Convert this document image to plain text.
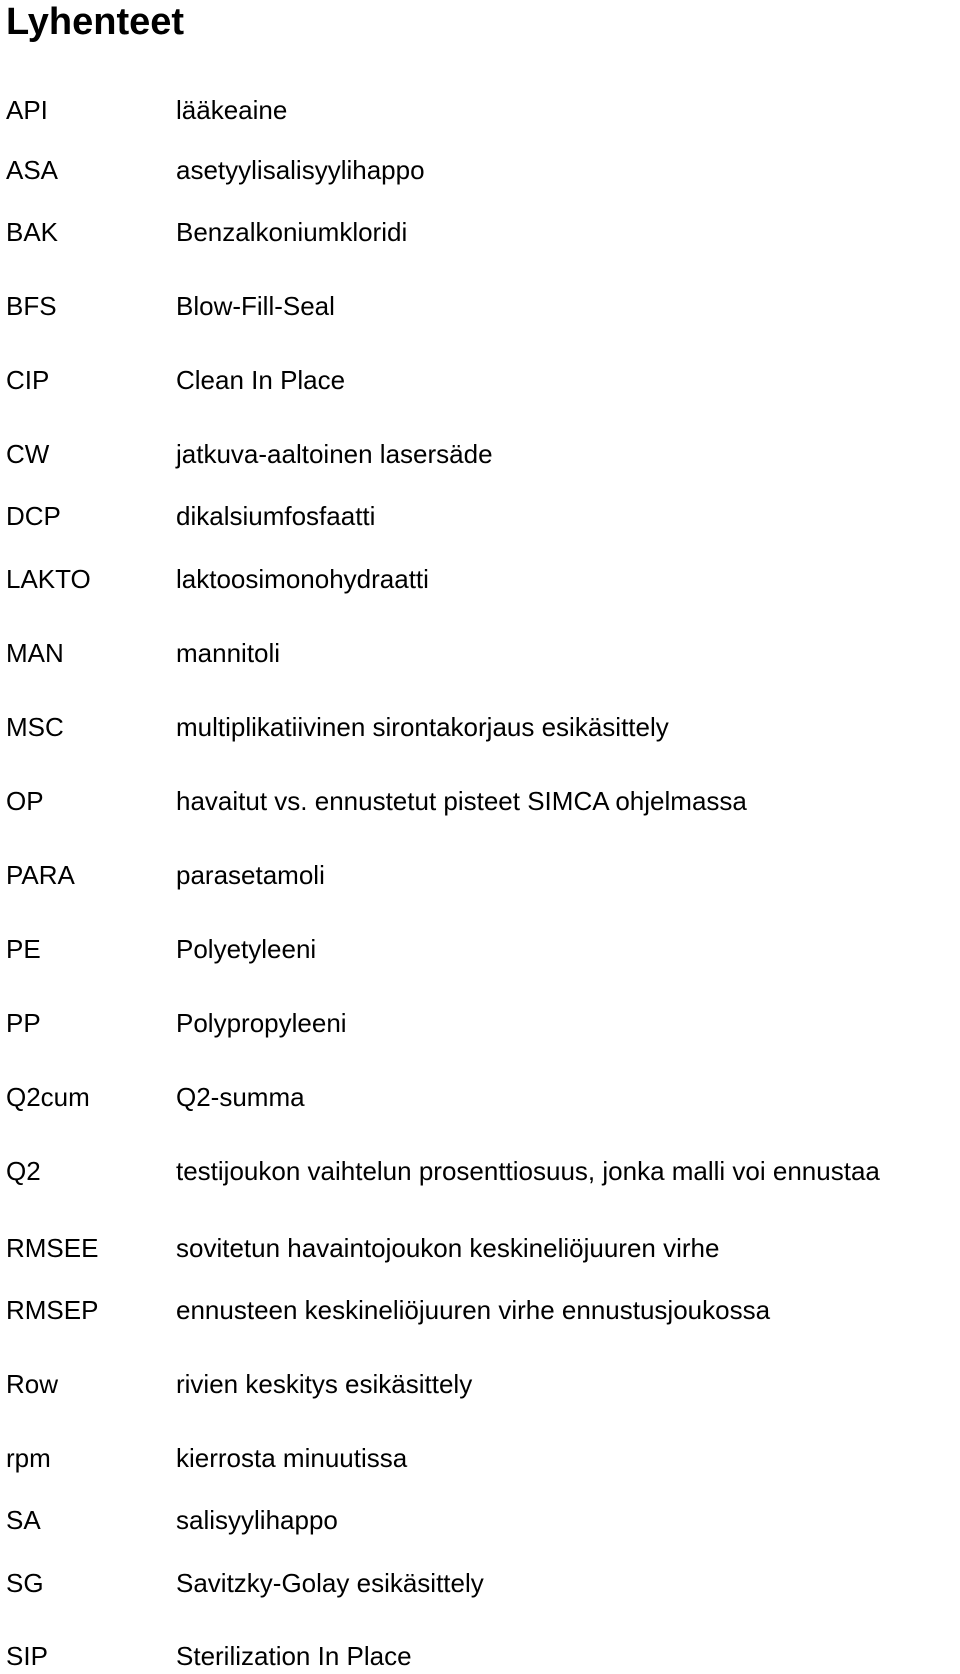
Lyhenteet
API	lääkeaine
ASA	asetyylisalisyylihappo
BAK	Benzalkoniumkloridi
BFS	Blow-Fill-Seal
CIP	Clean In Place
CW	jatkuva-aaltoinen lasersäde
DCP	dikalsiumfosfaatti
LAKTO	laktoosimonohydraatti
MAN	mannitoli
MSC	multiplikatiivinen sirontakorjaus esikäsittely
OP	havaitut vs. ennustetut pisteet SIMCA ohjelmassa
PARA	parasetamoli
PE	Polyetyleeni
PP	Polypropyleeni
Q2cum	Q2-summa
Q2	testijoukon vaihtelun prosenttiosuus, jonka malli voi ennustaa
RMSEE	sovitetun havaintojoukon keskineliöjuuren virhe
RMSEP	ennusteen keskineliöjuuren virhe ennustusjoukossa
Row	rivien keskitys esikäsittely
rpm	kierrosta minuutissa
SA	salisyylihappo
SG	Savitzky-Golay esikäsittely
SIP	Sterilization In Place
